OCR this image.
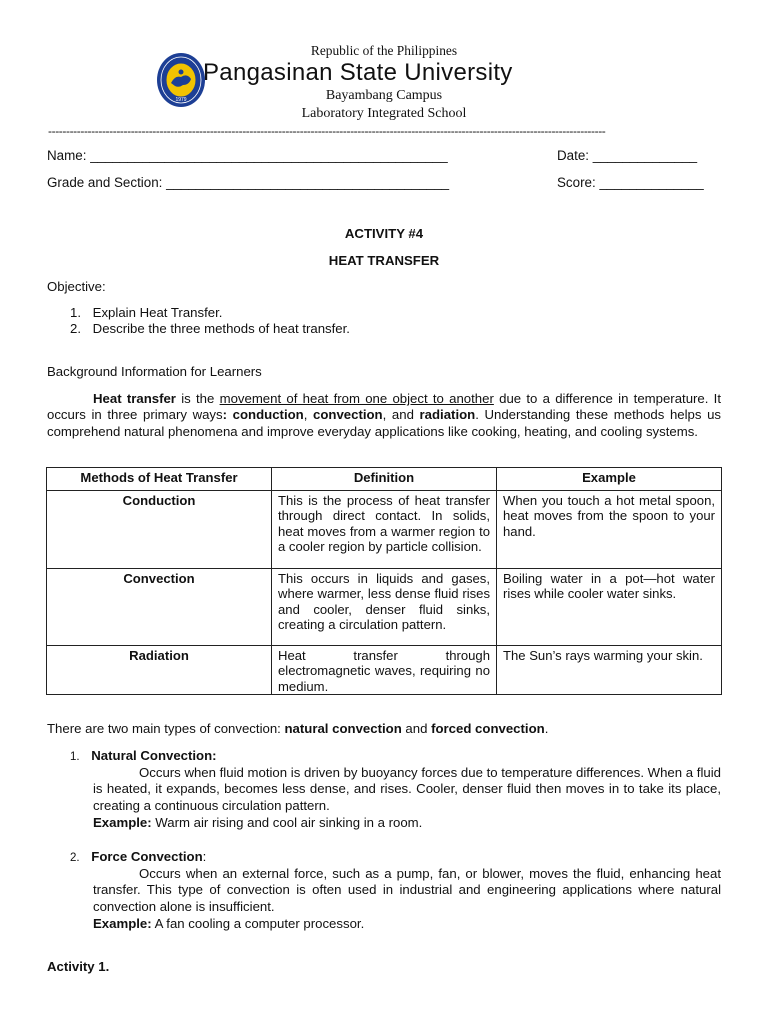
1979
Republic of the Philippines
Pangasinan State University
Bayambang Campus
Laboratory Integrated School
-----------------------------------------------------------------------------------------------------------------------------------------------------------
Name: ________________________________________________	Date: ______________
Grade and Section: ______________________________________	Score: ______________
ACTIVITY #4
HEAT TRANSFER
Objective:
1. Explain Heat Transfer.
2. Describe the three methods of heat transfer.
Background Information for Learners
Heat transfer is the movement of heat from one object to another due to a difference in temperature. It occurs in three primary ways: conduction, convection, and radiation. Understanding these methods helps us comprehend natural phenomena and improve everyday applications like cooking, heating, and cooling systems.
Methods of Heat Transfer	Definition	Example
Conduction	This is the process of heat transfer through direct contact. In solids, heat moves from a warmer region to a cooler region by particle collision.	When you touch a hot metal spoon, heat moves from the spoon to your hand.
Convection	This occurs in liquids and gases, where warmer, less dense fluid rises and cooler, denser fluid sinks, creating a circulation pattern.	Boiling water in a pot—hot water rises while cooler water sinks.
Radiation	Heat transfer through electromagnetic waves, requiring no medium.	The Sun’s rays warming your skin.
There are two main types of convection: natural convection and forced convection.
1. Natural Convection:
Occurs when fluid motion is driven by buoyancy forces due to temperature differences. When a fluid is heated, it expands, becomes less dense, and rises. Cooler, denser fluid then moves in to take its place, creating a continuous circulation pattern.
Example: Warm air rising and cool air sinking in a room.
2. Force Convection:
Occurs when an external force, such as a pump, fan, or blower, moves the fluid, enhancing heat transfer. This type of convection is often used in industrial and engineering applications where natural convection alone is insufficient.
Example: A fan cooling a computer processor.
Activity 1.
